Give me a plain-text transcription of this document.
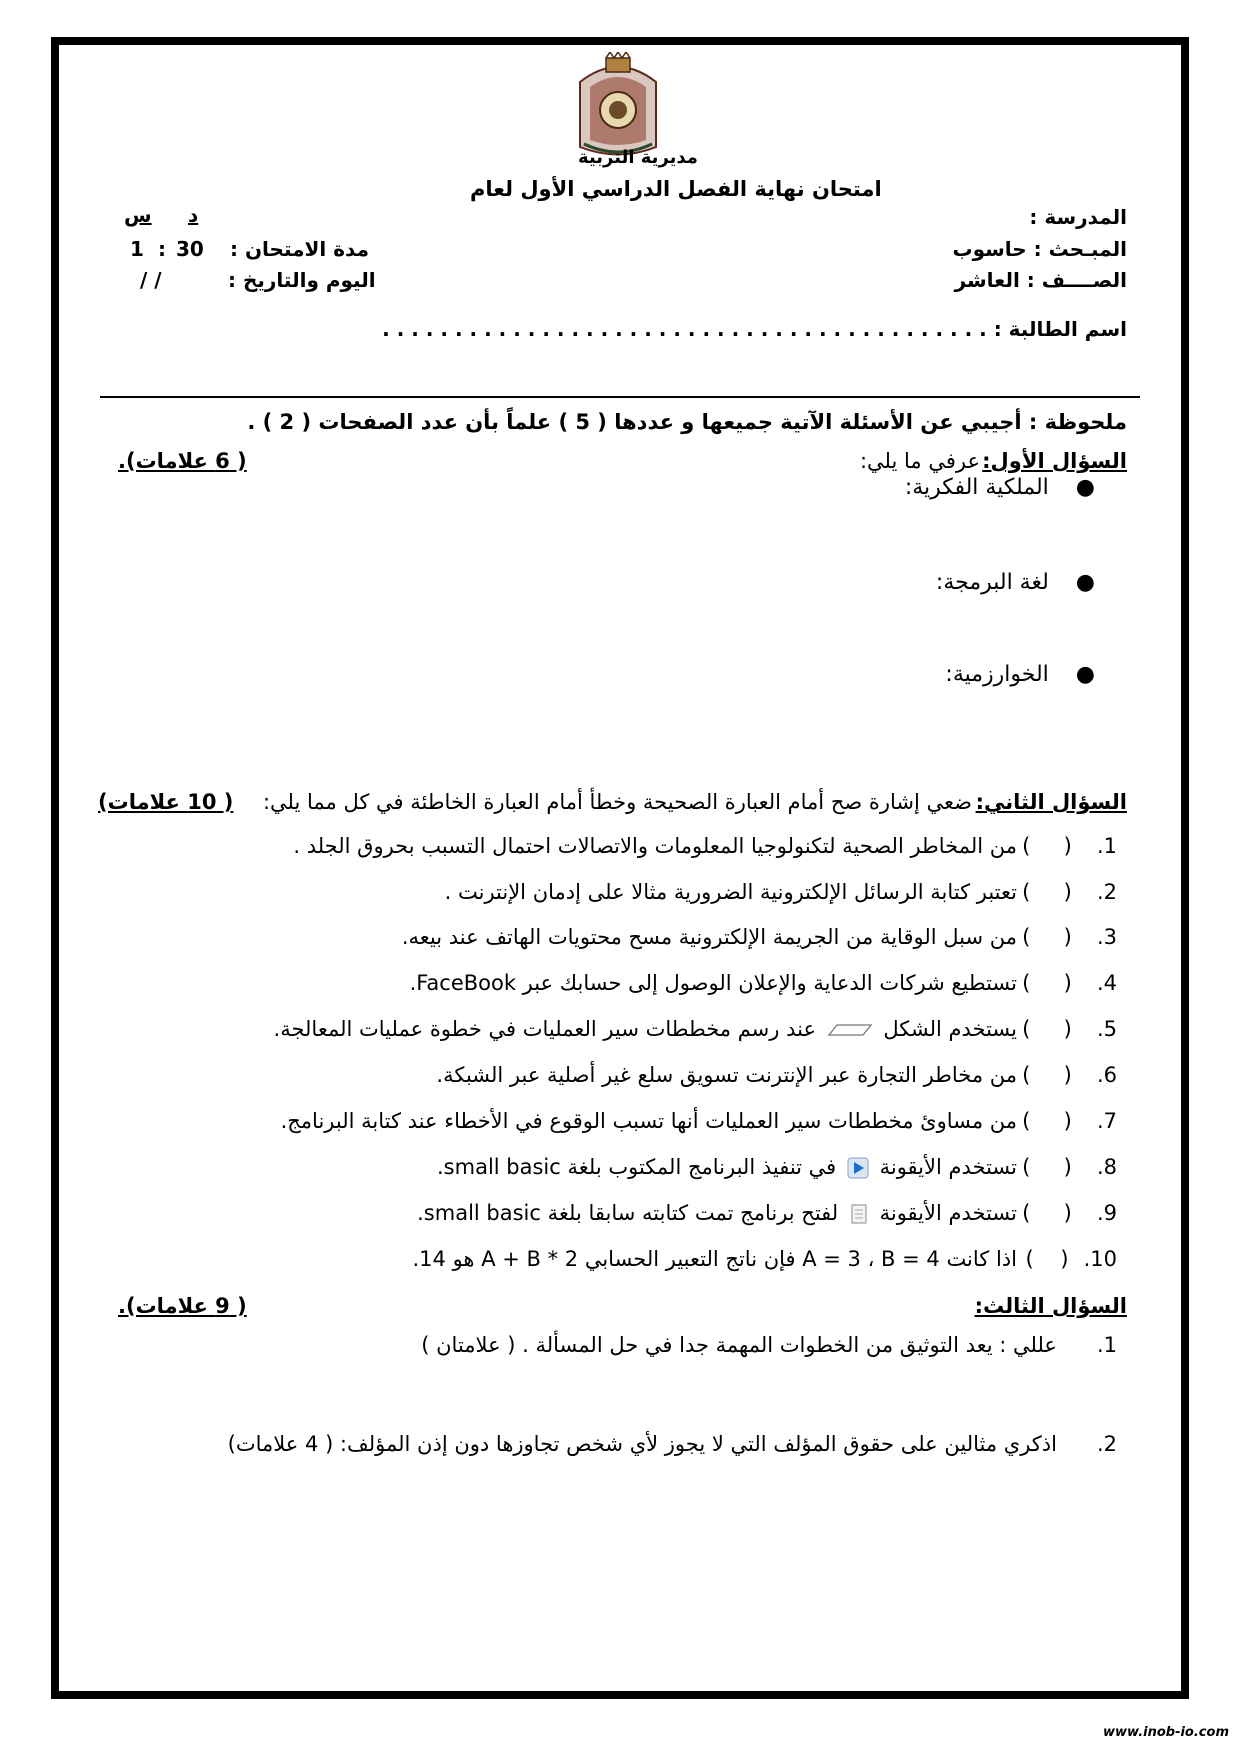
مديرية التربية
امتحان نهاية الفصل الدراسي الأول لعام
المدرسة :
المبـحث : حاسوب
الصــــف : العاشر
اسم الطالبة : . . . . . . . . . . . . . . . . . . . . . . . . . . . . . . . . . . . . . . . . . .
د
س
مدة الامتحان :
30
:
1
اليوم والتاريخ :
/ /
ملحوظة : أجيبي عن الأسئلة الآتية جميعها و عددها ( 5 ) علماً بأن عدد الصفحات ( 2 ) .
السؤال الأول:
عرفي ما يلي:
( 6 علامات).
● الملكية الفكرية:
● لغة البرمجة:
● الخوارزمية:
السؤال الثاني:
ضعي إشارة صح أمام العبارة الصحيحة وخطأ أمام العبارة الخاطئة في كل مما يلي:
( 10 علامات)
1.(     )من المخاطر الصحية لتكنولوجيا المعلومات والاتصالات احتمال التسبب بحروق الجلد .
2.(     )تعتبر كتابة الرسائل الإلكترونية الضرورية مثالا على إدمان الإنترنت .
3.(     )من سبل الوقاية من الجريمة الإلكترونية مسح محتويات الهاتف عند بيعه.
4.(     )تستطيع شركات الدعاية والإعلان الوصول إلى حسابك عبر FaceBook.
5.(     )يستخدم الشكل  عند رسم مخططات سير العمليات في خطوة عمليات المعالجة.
6.(     )من مخاطر التجارة عبر الإنترنت تسويق سلع غير أصلية عبر الشبكة.
7.(     )من مساوئ مخططات سير العمليات أنها تسبب الوقوع في الأخطاء عند كتابة البرنامج.
8.(     )تستخدم الأيقونة  في تنفيذ البرنامج المكتوب بلغة small basic.
9.(     )تستخدم الأيقونة  لفتح برنامج تمت كتابته سابقا بلغة small basic.
10.(    )اذا كانت A = 3 ، B = 4 فإن ناتج التعبير الحسابي 2 * A + B هو 14.
السؤال الثالث:
( 9 علامات).
1.   عللي : يعد التوثيق من الخطوات المهمة جدا في حل المسألة . ( علامتان )
2.   اذكري مثالين على حقوق المؤلف التي لا يجوز لأي شخص تجاوزها دون إذن المؤلف: ( 4 علامات)
www.inob-io.com
